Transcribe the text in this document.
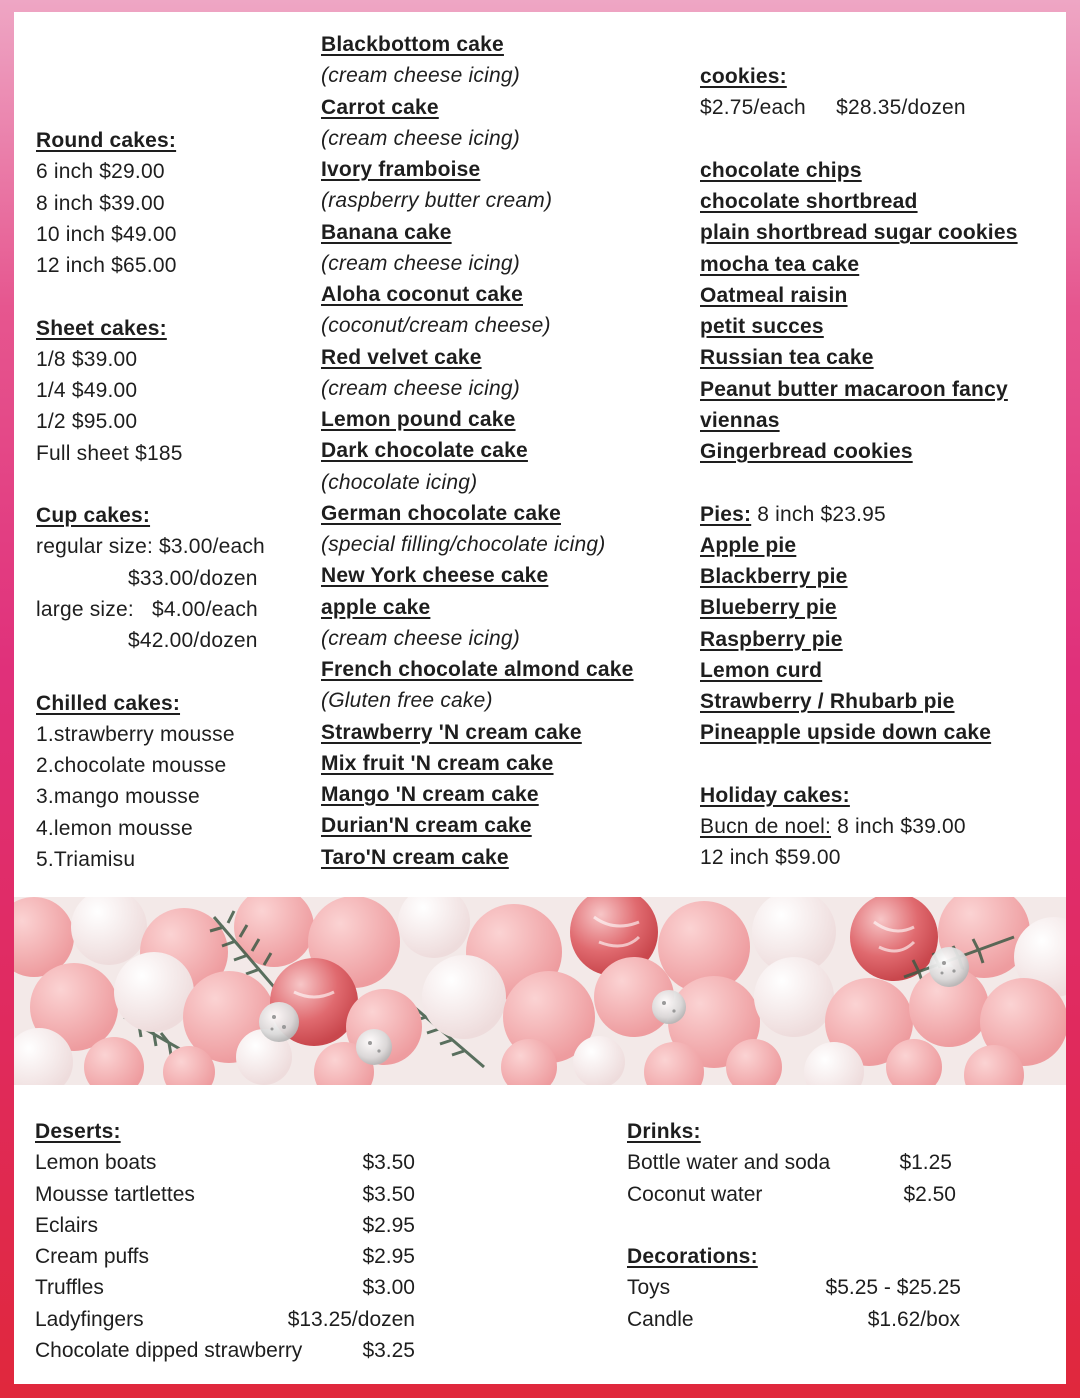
Round cakes:
6 inch $29.00
8 inch $39.00
10 inch $49.00
12 inch $65.00
Sheet cakes:
1/8 $39.00
1/4 $49.00
1/2 $95.00
Full sheet $185
Cup cakes:
regular size: $3.00/each
$33.00/dozen
large size:   $4.00/each
$42.00/dozen
Chilled cakes:
1.strawberry mousse
2.chocolate mousse
3.mango mousse
4.lemon mousse
5.Triamisu
Blackbottom cake
(cream cheese icing)
Carrot cake
(cream cheese icing)
Ivory framboise
(raspberry butter cream)
Banana cake
(cream cheese icing)
Aloha coconut cake
(coconut/cream cheese)
Red velvet cake
(cream cheese icing)
Lemon pound cake
Dark chocolate cake
(chocolate icing)
German chocolate cake
(special filling/chocolate icing)
New York cheese cake
apple cake
(cream cheese icing)
French chocolate almond cake
(Gluten free cake)
Strawberry 'N cream cake
Mix fruit 'N cream cake
Mango 'N cream cake
Durian'N cream cake
Taro'N cream cake
cookies:
$2.75/each     $28.35/dozen
chocolate chips
chocolate shortbread
plain shortbread sugar cookies
mocha tea cake
Oatmeal raisin
petit succes
Russian tea cake
Peanut butter macaroon fancy
viennas
Gingerbread cookies
Pies: 8 inch $23.95
Apple pie
Blackberry pie
Blueberry pie
Raspberry pie
Lemon curd
Strawberry / Rhubarb pie
Pineapple upside down cake
Holiday cakes:
Bucn de noel: 8 inch $39.00
12 inch $59.00
Deserts:
Lemon boats	$3.50
Mousse tartlettes	$3.50
Eclairs	$2.95
Cream puffs	$2.95
Truffles	$3.00
Ladyfingers	$13.25/dozen
Chocolate dipped strawberry	$3.25
Drinks:
Bottle water and soda	$1.25
Coconut water	$2.50
Decorations:
Toys	$5.25 - $25.25
Candle	$1.62/box
